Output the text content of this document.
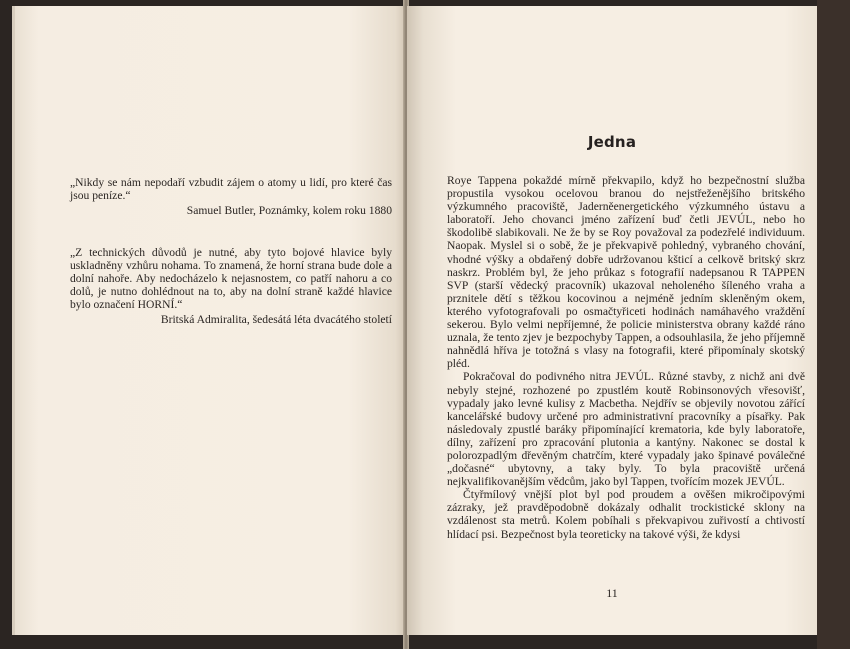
„Nikdy se nám nepodaří vzbudit zájem o atomy u lidí, pro které čas jsou peníze.“

Samuel Butler, Poznámky, kolem roku 1880

„Z technických důvodů je nutné, aby tyto bojové hlavice byly uskladněny vzhůru nohama. To znamená, že horní strana bude dole a dolní nahoře. Aby nedocházelo k nejasnostem, co patří nahoru a co dolů, je nutno dohlédnout na to, aby na dolní straně každé hlavice bylo označení HORNÍ.“

Britská Admiralita, šedesátá léta dvacátého století

Jedna

Roye Tappena pokaždé mírně překvapilo, když ho bezpečnostní služba propustila vysokou ocelovou branou do nejstřeženějšího britského výzkumného pracoviště, Jaderněenergetického výzkumného ústavu a laboratoří. Jeho chovanci jméno zařízení buď četli JEVÚL, nebo ho škodolibě slabikovali. Ne že by se Roy považoval za podezřelé individuum. Naopak. Myslel si o sobě, že je překvapivě pohledný, vybraného chování, vhodné výšky a obdařený dobře udržovanou kšticí a celkově britský skrz naskrz. Problém byl, že jeho průkaz s fotografií nadepsanou R TAPPEN SVP (starší vědecký pracovník) ukazoval neholeného šíleného vraha a prznitele dětí s těžkou kocovinou a nejméně jedním skleněným okem, kterého vyfotografovali po osmačtyřiceti hodinách namáhavého vraždění sekerou. Bylo velmi nepříjemné, že policie ministerstva obrany každé ráno uznala, že tento zjev je bezpochyby Tappen, a odsouhlasila, že jeho příjemně nahnědlá hříva je totožná s vlasy na fotografii, které připomínaly skotský pléd.

Pokračoval do podivného nitra JEVÚL. Různé stavby, z nichž ani dvě nebyly stejné, rozhozené po zpustlém koutě Robinsonových vřesovišť, vypadaly jako levné kulisy z Macbetha. Nejdřív se objevily novotou zářící kancelářské budovy určené pro administrativní pracovníky a písařky. Pak následovaly zpustlé baráky připomínající krematoria, kde byly laboratoře, dílny, zařízení pro zpracování plutonia a kantýny. Nakonec se dostal k polorozpadlým dřevěným chatrčím, které vypadaly jako špinavé poválečné „dočasné“ ubytovny, a taky byly. To byla pracoviště určená nejkvalifikovanějším vědcům, jako byl Tappen, tvořícím mozek JEVÚL.

Čtyřmílový vnější plot byl pod proudem a ověšen mikročipovými zázraky, jež pravděpodobně dokázaly odhalit trockistické sklony na vzdálenost sta metrů. Kolem pobíhali s překvapivou zuřivostí a chtivostí hlídací psi. Bezpečnost byla teoreticky na takové výši, že kdysi

11
